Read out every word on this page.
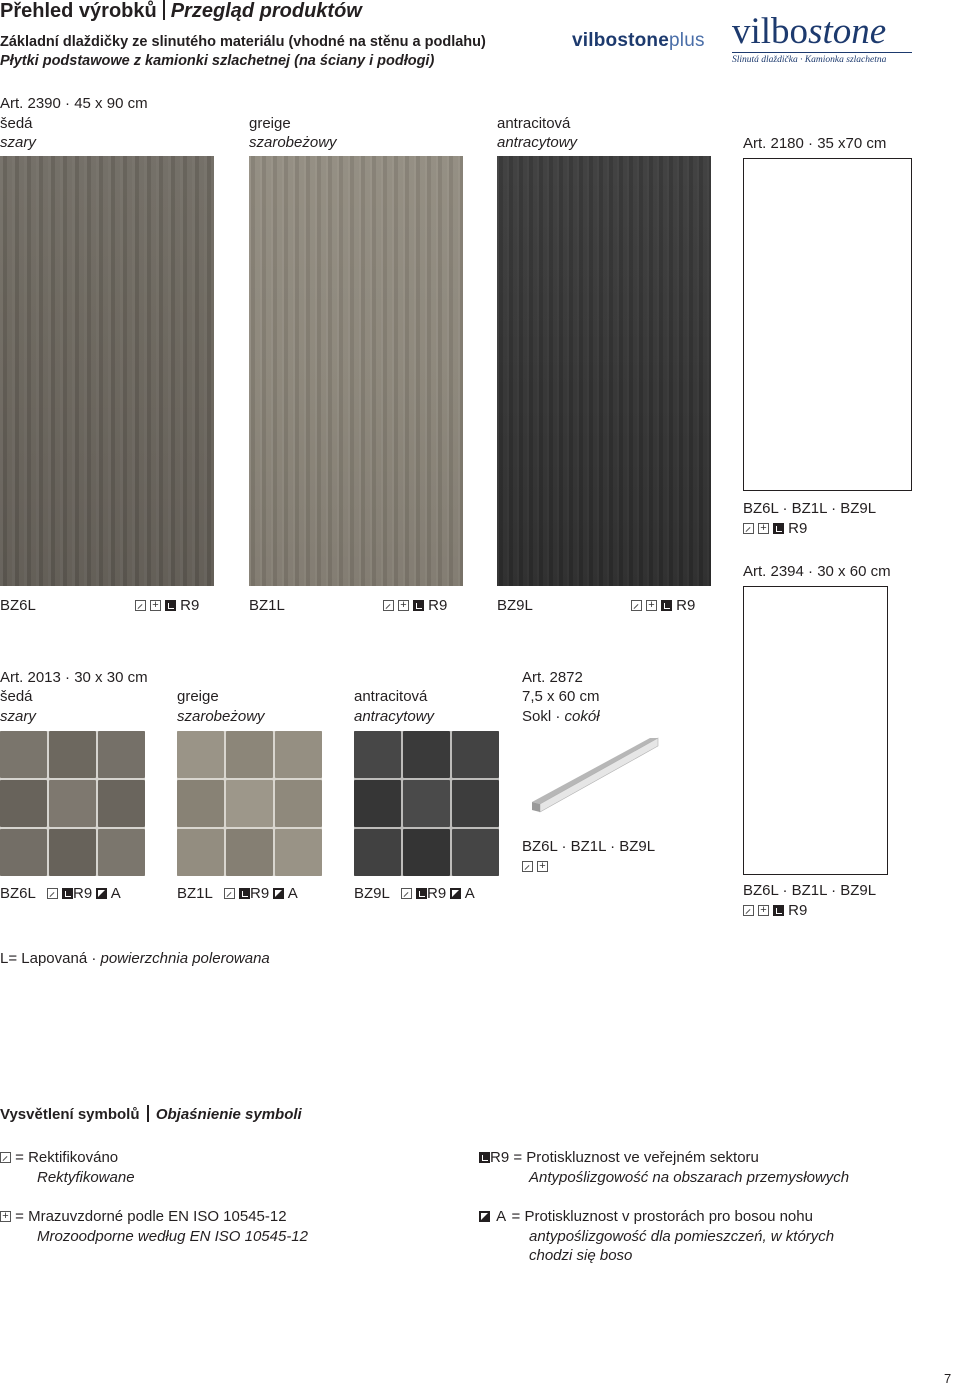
Přehled výrobků Przegląd produktów
Základní dlaždičky ze slinutého materiálu (vhodné na stěnu a podlahu)
Płytki podstawowe z kamionki szlachetnej (na ściany i podłogi)
vilbostoneplus vilbostone
Slinutá dlaždička · Kamionka szlachetna
Art. 2390 · 45 x 90 cm
šedá
szary
greige
szarobeżowy
antracitová
antracytowy
BZ6L +	R9	BZ1L +	R9	BZ9L +	R9
Art. 2180 · 35 x70 cm
BZ6L · BZ1L · BZ9L
+ R9
Art. 2394 · 30 x 60 cm
BZ6L · BZ1L · BZ9L
+ R9
Art. 2013 · 30 x 30 cm
šedá
szary
greige
szarobeżowy
antracitová
antracytowy
BZ6L	R9 A	BZ1L	R9 A	BZ9L	R9 A
Art. 2872
7,5 x 60 cm
Sokl · cokół
BZ6L · BZ1L · BZ9L
+
L= Lapovaná · powierzchnia polerowana
Vysvětlení symbolů Objaśnienie symboli
= Rektifikováno
Rektyfikowane
+ = Mrazuvzdorné podle EN ISO 10545-12
Mrozoodporne według EN ISO 10545-12
R9 = Protiskluznost ve veřejném sektoru
Antypoślizgowość na obszarach przemysłowych
A = Protiskluznost v prostorách pro bosou nohu
antypoślizgowość dla pomieszczeń, w których
chodzi się boso
7
